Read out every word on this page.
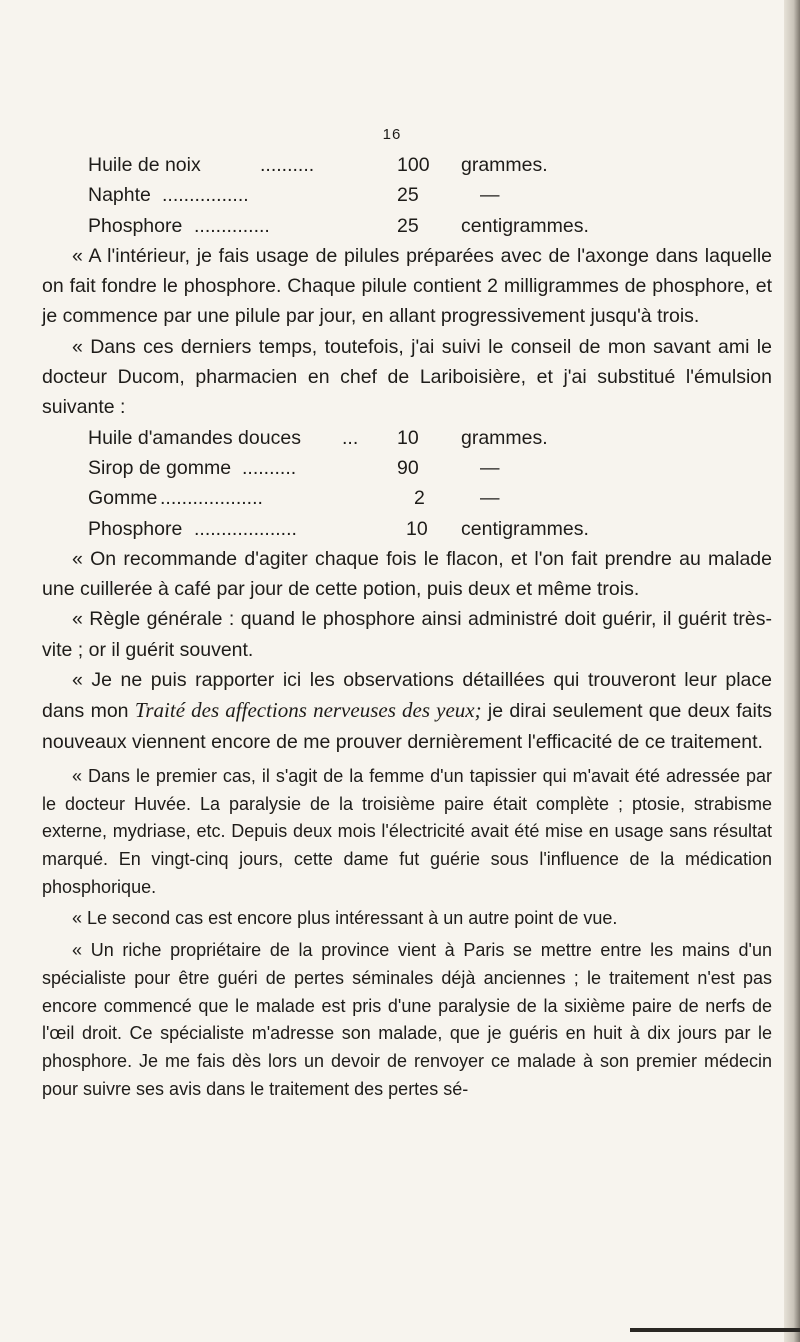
16
Huile de noix	..........	100 grammes.
Naphte ................	25	—
Phosphore ..............	25 centigrammes.

« A l'intérieur, je fais usage de pilules préparées avec de l'axonge dans laquelle on fait fondre le phosphore. Chaque pilule contient 2 milligrammes de phosphore, et je commence par une pilule par jour, en allant progressivement jusqu'à trois.

« Dans ces derniers temps, toutefois, j'ai suivi le conseil de mon savant ami le docteur Ducom, pharmacien en chef de Lariboisière, et j'ai substitué l'émulsion suivante :

Huile d'amandes douces ...	10 grammes.
Sirop de gomme ..........	90	—
Gomme ...................	2	—
Phosphore ...................	10 centigrammes.

« On recommande d'agiter chaque fois le flacon, et l'on fait prendre au malade une cuillerée à café par jour de cette potion, puis deux et même trois.

« Règle générale : quand le phosphore ainsi administré doit guérir, il guérit très-vite ; or il guérit souvent.

« Je ne puis rapporter ici les observations détaillées qui trouveront leur place dans mon Traité des affections nerveuses des yeux; je dirai seulement que deux faits nouveaux viennent encore de me prouver dernièrement l'efficacité de ce traitement.

« Dans le premier cas, il s'agit de la femme d'un tapissier qui m'avait été adressée par le docteur Huvée. La paralysie de la troisième paire était complète ; ptosie, strabisme externe, mydriase, etc. Depuis deux mois l'électricité avait été mise en usage sans résultat marqué. En vingt-cinq jours, cette dame fut guérie sous l'influence de la médication phosphorique.

« Le second cas est encore plus intéressant à un autre point de vue.

« Un riche propriétaire de la province vient à Paris se mettre entre les mains d'un spécialiste pour être guéri de pertes séminales déjà anciennes ; le traitement n'est pas encore commencé que le malade est pris d'une paralysie de la sixième paire de nerfs de l'œil droit. Ce spécialiste m'adresse son malade, que je guéris en huit à dix jours par le phosphore. Je me fais dès lors un devoir de renvoyer ce malade à son premier médecin pour suivre ses avis dans le traitement des pertes sé-
